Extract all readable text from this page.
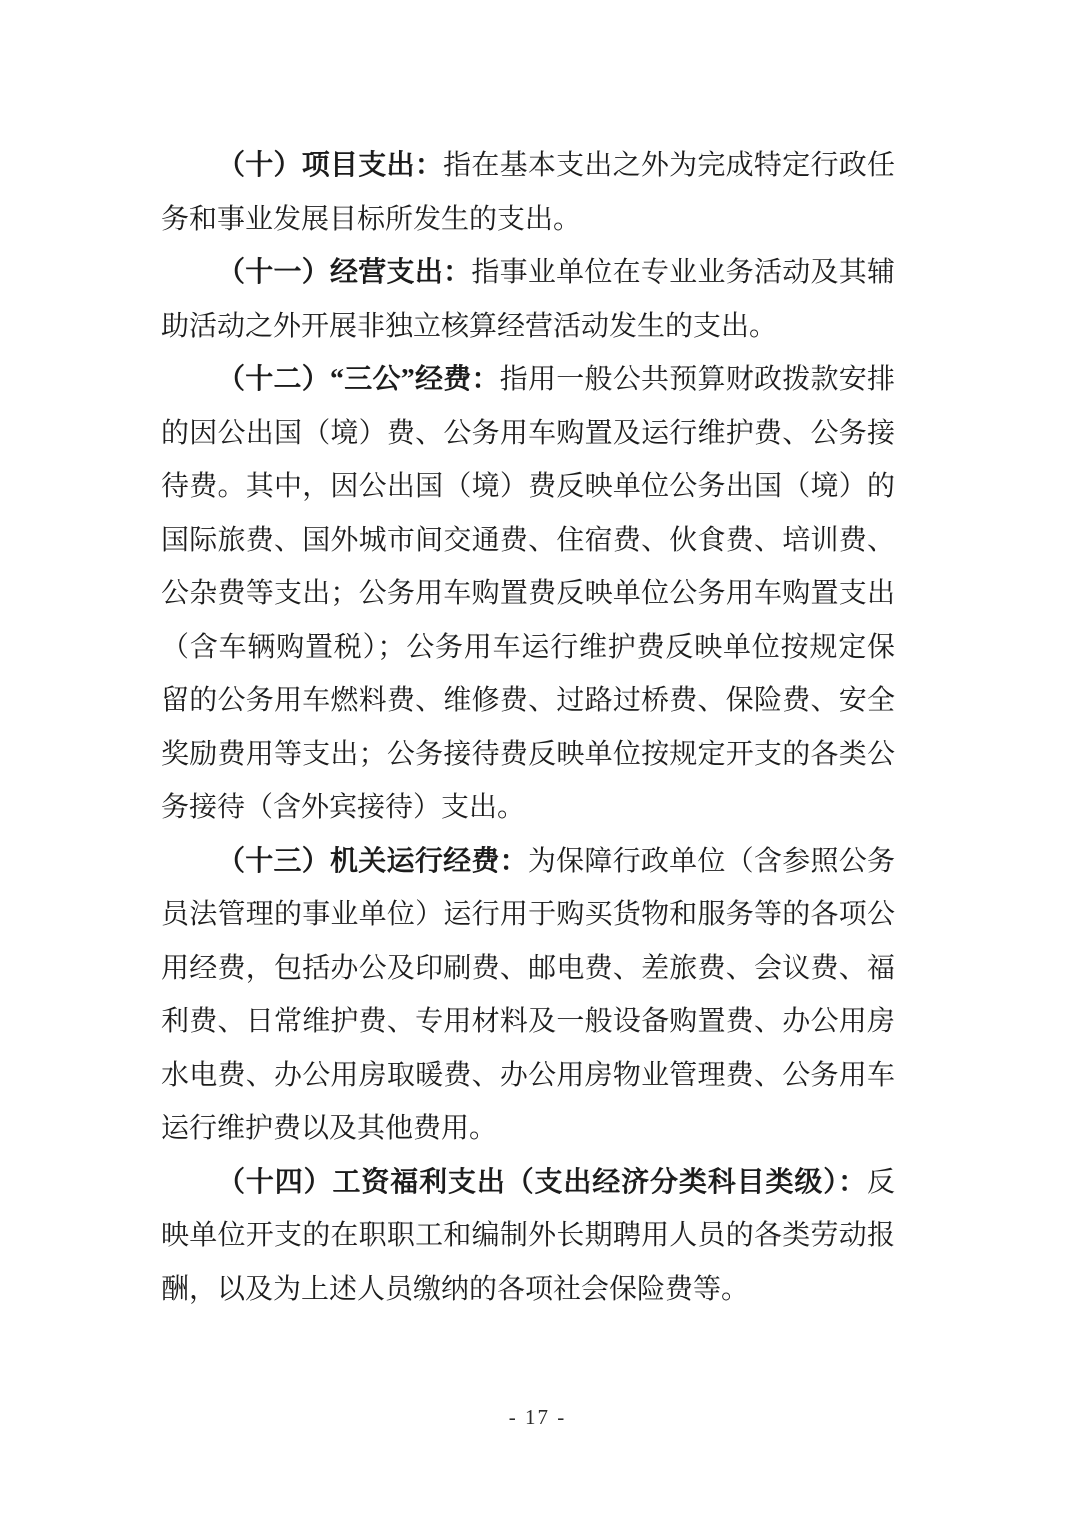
（十）项目支出：指在基本支出之外为完成特定行政任务和事业发展目标所发生的支出。

（十一）经营支出：指事业单位在专业业务活动及其辅助活动之外开展非独立核算经营活动发生的支出。

（十二）“三公”经费：指用一般公共预算财政拨款安排的因公出国（境）费、公务用车购置及运行维护费、公务接待费。其中，因公出国（境）费反映单位公务出国（境）的国际旅费、国外城市间交通费、住宿费、伙食费、培训费、公杂费等支出；公务用车购置费反映单位公务用车购置支出（含车辆购置税）；公务用车运行维护费反映单位按规定保留的公务用车燃料费、维修费、过路过桥费、保险费、安全奖励费用等支出；公务接待费反映单位按规定开支的各类公务接待（含外宾接待）支出。

（十三）机关运行经费：为保障行政单位（含参照公务员法管理的事业单位）运行用于购买货物和服务等的各项公用经费，包括办公及印刷费、邮电费、差旅费、会议费、福利费、日常维护费、专用材料及一般设备购置费、办公用房水电费、办公用房取暖费、办公用房物业管理费、公务用车运行维护费以及其他费用。

（十四）工资福利支出（支出经济分类科目类级）：反映单位开支的在职职工和编制外长期聘用人员的各类劳动报酬，以及为上述人员缴纳的各项社会保险费等。

- 17 -
